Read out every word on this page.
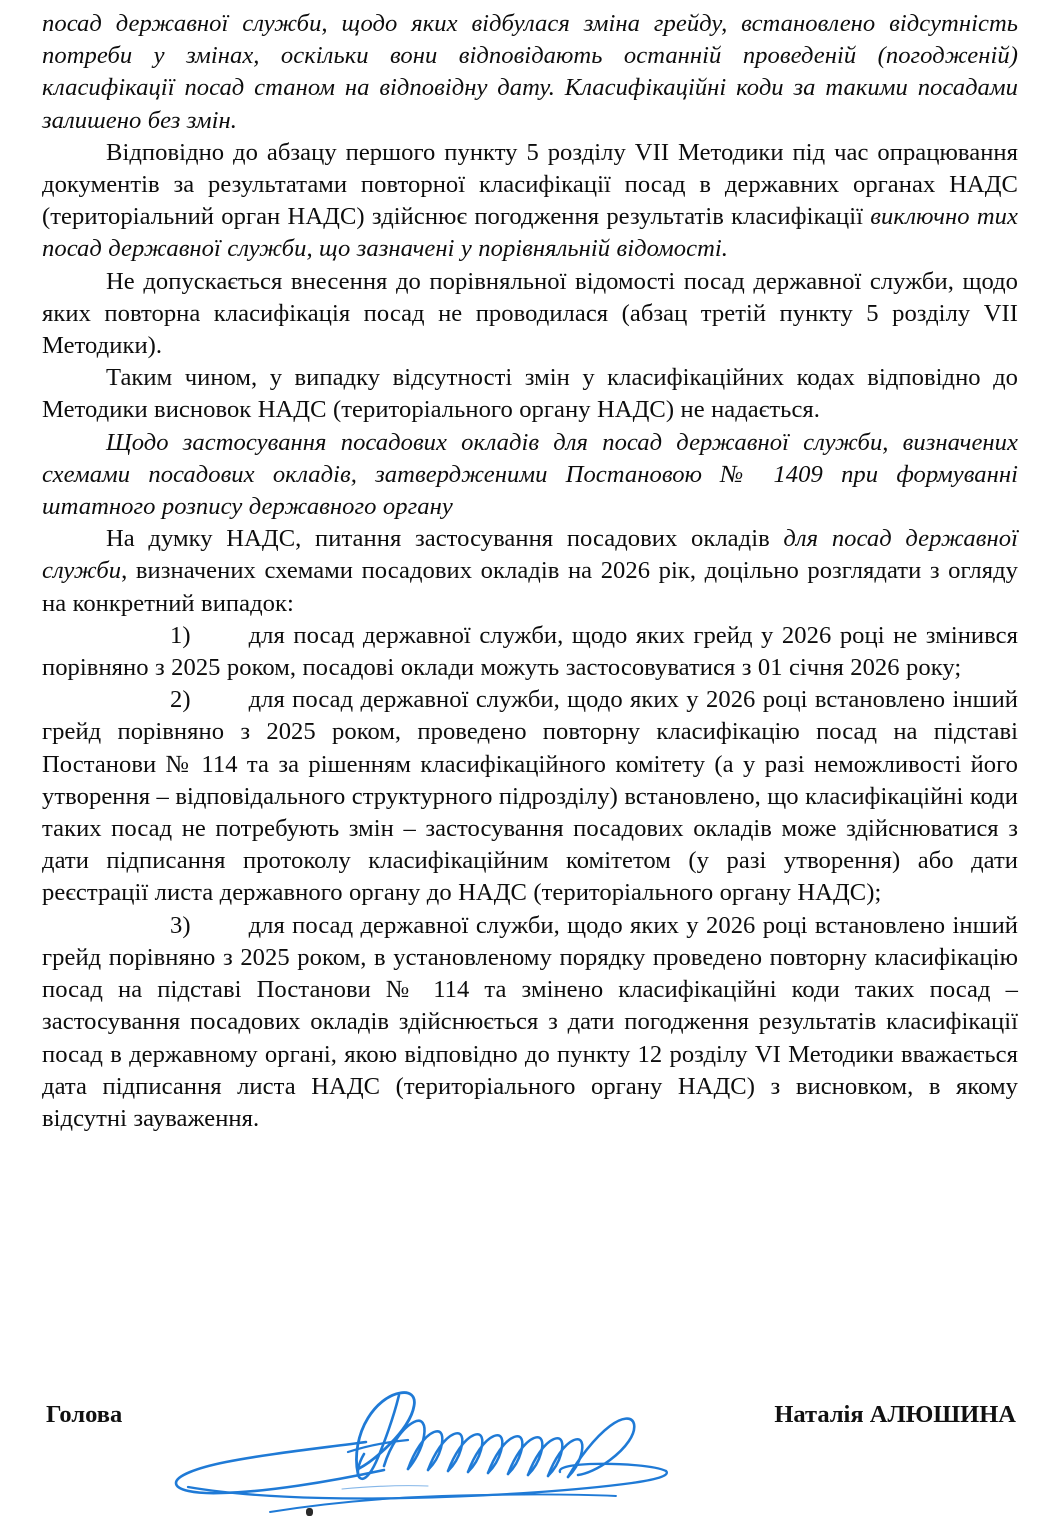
посад державної служби, щодо яких відбулася зміна грейду, встановлено відсутність потреби у змінах, оскільки вони відповідають останній проведеній (погодженій) класифікації посад станом на відповідну дату. Класифікаційні коди за такими посадами залишено без змін.

Відповідно до абзацу першого пункту 5 розділу VII Методики під час опрацювання документів за результатами повторної класифікації посад в державних органах НАДС (територіальний орган НАДС) здійснює погодження результатів класифікації виключно тих посад державної служби, що зазначені у порівняльній відомості.

Не допускається внесення до порівняльної відомості посад державної служби, щодо яких повторна класифікація посад не проводилася (абзац третій пункту 5 розділу VII Методики).

Таким чином, у випадку відсутності змін у класифікаційних кодах відповідно до Методики висновок НАДС (територіального органу НАДС) не надається.

Щодо застосування посадових окладів для посад державної служби, визначених схемами посадових окладів, затвердженими Постановою № 1409 при формуванні штатного розпису державного органу

На думку НАДС, питання застосування посадових окладів для посад державної служби, визначених схемами посадових окладів на 2026 рік, доцільно розглядати з огляду на конкретний випадок:

1) для посад державної служби, щодо яких грейд у 2026 році не змінився порівняно з 2025 роком, посадові оклади можуть застосовуватися з 01 січня 2026 року;

2) для посад державної служби, щодо яких у 2026 році встановлено інший грейд порівняно з 2025 роком, проведено повторну класифікацію посад на підставі Постанови № 114 та за рішенням класифікаційного комітету (а у разі неможливості його утворення – відповідального структурного підрозділу) встановлено, що класифікаційні коди таких посад не потребують змін – застосування посадових окладів може здійснюватися з дати підписання протоколу класифікаційним комітетом (у разі утворення) або дати реєстрації листа державного органу до НАДС (територіального органу НАДС);

3) для посад державної служби, щодо яких у 2026 році встановлено інший грейд порівняно з 2025 роком, в установленому порядку проведено повторну класифікацію посад на підставі Постанови № 114 та змінено класифікаційні коди таких посад – застосування посадових окладів здійснюється з дати погодження результатів класифікації посад в державному органі, якою відповідно до пункту 12 розділу VI Методики вважається дата підписання листа НАДС (територіального органу НАДС) з висновком, в якому відсутні зауваження.

Голова	Наталія АЛЮШИНА
